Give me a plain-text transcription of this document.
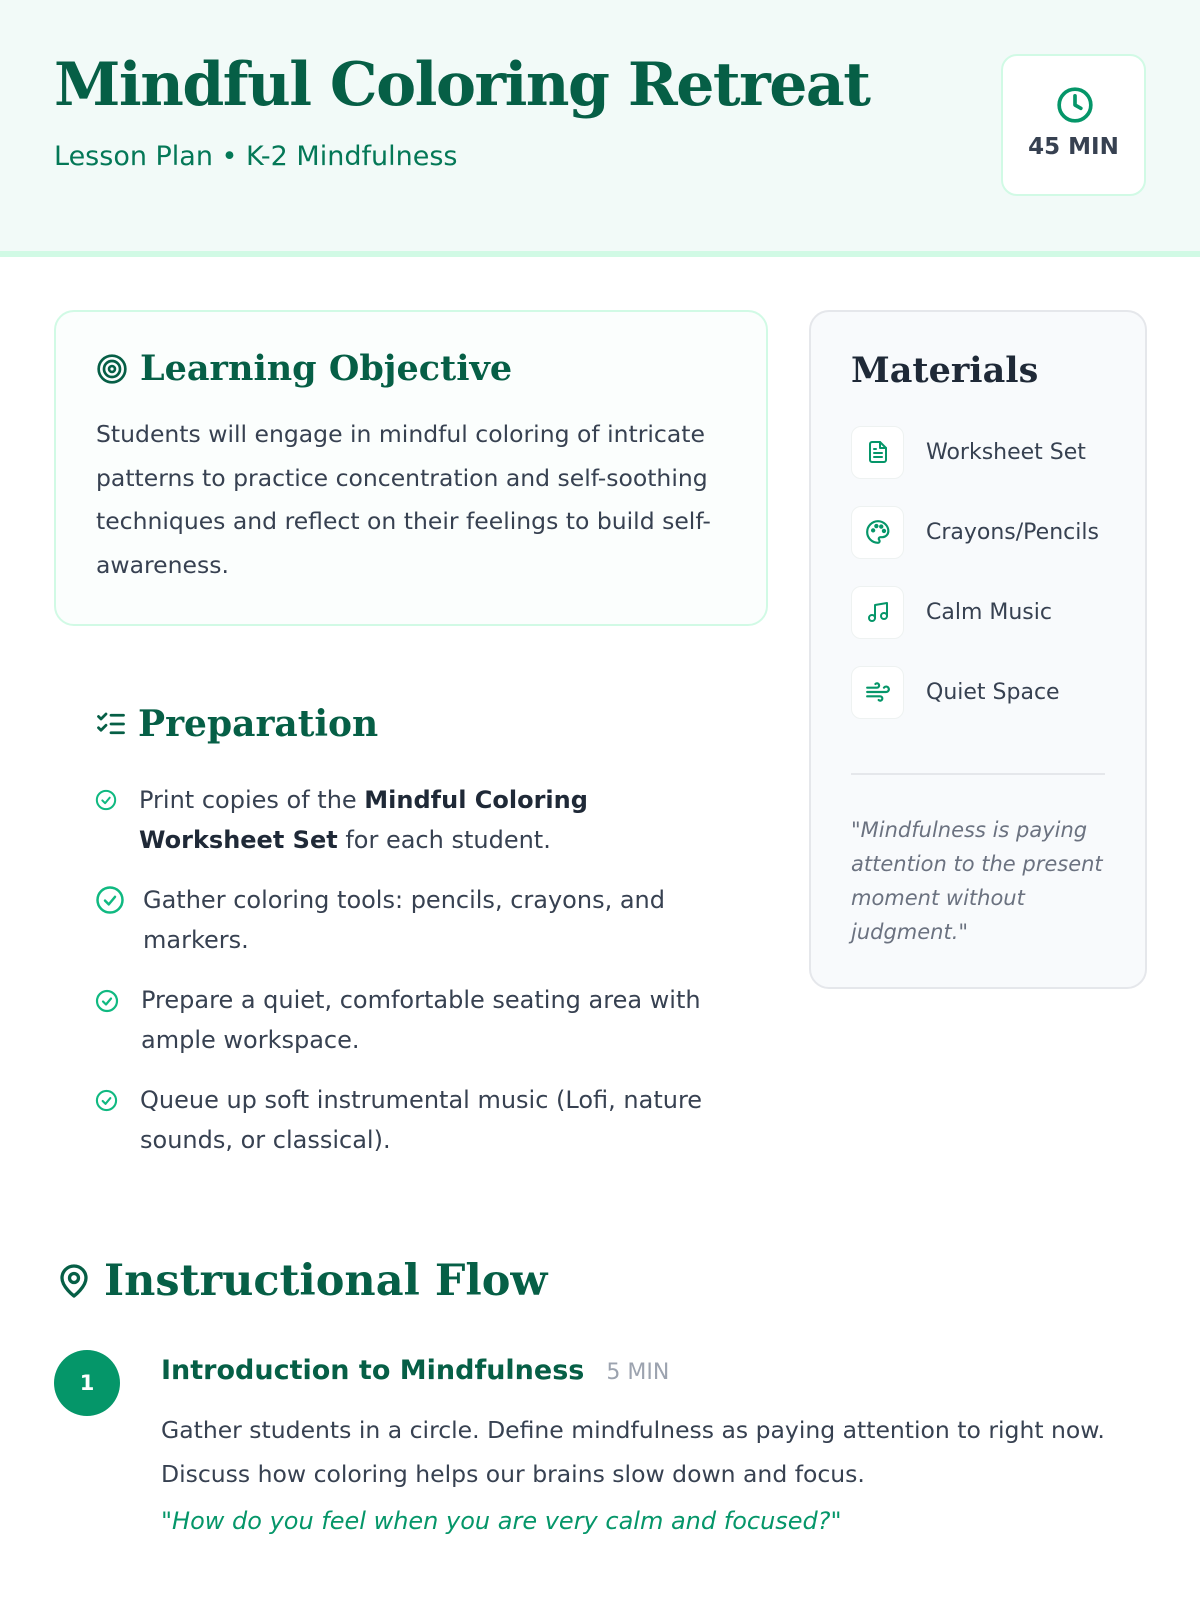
Mindful Coloring Retreat
Lesson Plan • K-2 Mindfulness	45 MIN
Learning Objective

Students will engage in mindful coloring of intricate patterns to practice concentration and self-soothing techniques and reflect on their feelings to build self-awareness.

Preparation
Print copies of the Mindful Coloring Worksheet Set for each student.
Gather coloring tools: pencils, crayons, and markers.
Prepare a quiet, comfortable seating area with ample workspace.
Queue up soft instrumental music (Lofi, nature sounds, or classical).
Materials
Worksheet Set
Crayons/Pencils
Calm Music
Quiet Space

"Mindfulness is paying attention to the present moment without judgment."

Instructional Flow
1	Introduction to Mindfulness 5 MIN

Gather students in a circle. Define mindfulness as paying attention to right now. Discuss how coloring helps our brains slow down and focus.

"How do you feel when you are very calm and focused?"
